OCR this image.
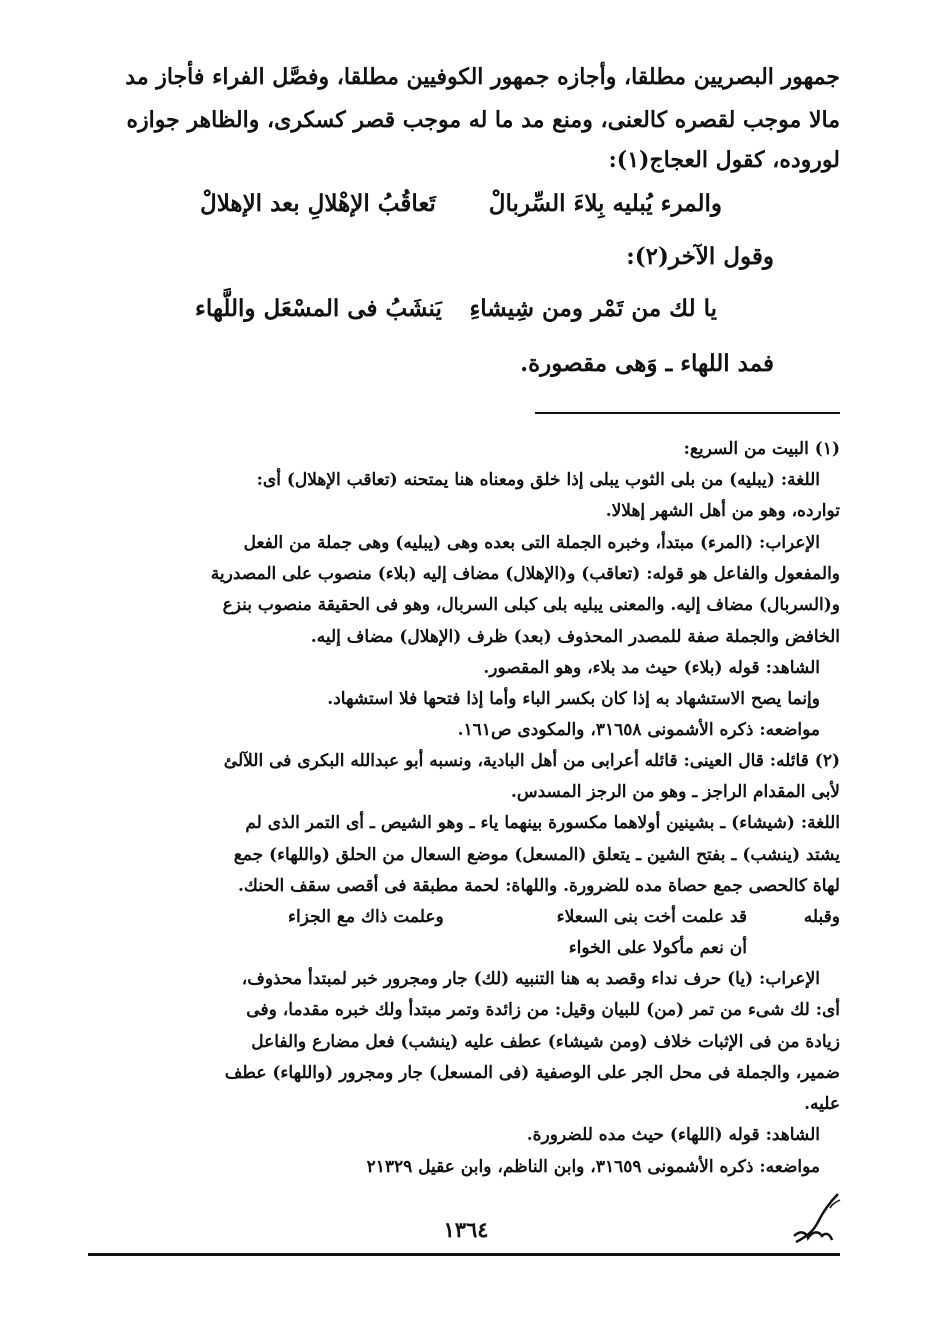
جمهور البصريين مطلقا، وأجازه جمهور الكوفيين مطلقا، وفصَّل الفراء فأجاز مد
مالا موجب لقصره كالعنى، ومنع مد ما له موجب قصر كسكرى، والظاهر جوازه
لوروده، كقول العجاج(١):
والمرء يُبليه بِلاءَ السِّربالْ
تَعاقُبُ الإهْلالِ بعد الإهلالْ
وقول الآخر(٢):
يا لك من تَمْر ومن شِيشاءِ
يَنشَبُ فى المسْعَل واللَّهاء
فمد اللهاء ـ وَهى مقصورة.
(١) البيت من السريع:
اللغة: (يبليه) من بلى الثوب يبلى إذا خلق ومعناه هنا يمتحنه (تعاقب الإهلال) أى:
توارده، وهو من أهل الشهر إهلالا.
الإعراب: (المرء) مبتدأ، وخبره الجملة التى بعده وهى (يبليه) وهى جملة من الفعل
والمفعول والفاعل هو قوله: (تعاقب) و(الإهلال) مضاف إليه (بلاء) منصوب على المصدرية
و(السربال) مضاف إليه. والمعنى يبليه بلى كبلى السربال، وهو فى الحقيقة منصوب بنزع
الخافض والجملة صفة للمصدر المحذوف (بعد) ظرف (الإهلال) مضاف إليه.
الشاهد: قوله (بلاء) حيث مد بلاء، وهو المقصور.
وإنما يصح الاستشهاد به إذا كان بكسر الباء وأما إذا فتحها فلا استشهاد.
مواضعه: ذكره الأشمونى ٣١٦٥٨، والمكودى ص١٦١.
(٢) قائله: قال العينى: قائله أعرابى من أهل البادية، ونسبه أبو عبدالله البكرى فى اللآلئ
لأبى المقدام الراجز ـ وهو من الرجز المسدس.
اللغة: (شيشاء) ـ بشينين أولاهما مكسورة بينهما ياء ـ وهو الشيص ـ أى التمر الذى لم
يشتد (ينشب) ـ بفتح الشين ـ يتعلق (المسعل) موضع السعال من الحلق (واللهاء) جمع
لهاة كالحصى جمع حصاة مده للضرورة. واللهاة: لحمة مطبقة فى أقصى سقف الحنك.
وقبله
قد علمت أخت بنى السعلاء
وعلمت ذاك مع الجزاء
أن نعم مأكولا على الخواء
الإعراب: (يا) حرف نداء وقصد به هنا التنبيه (لك) جار ومجرور خبر لمبتدأ محذوف،
أى: لك شىء من تمر (من) للبيان وقيل: من زائدة وتمر مبتدأ ولك خبره مقدما، وفى
زيادة من فى الإثبات خلاف (ومن شيشاء) عطف عليه (ينشب) فعل مضارع والفاعل
ضمير، والجملة فى محل الجر على الوصفية (فى المسعل) جار ومجرور (واللهاء) عطف
عليه.
الشاهد: قوله (اللهاء) حيث مده للضرورة.
مواضعه: ذكره الأشمونى ٣١٦٥٩، وابن الناظم، وابن عقيل ٢١٣٢٩
١٣٦٤
